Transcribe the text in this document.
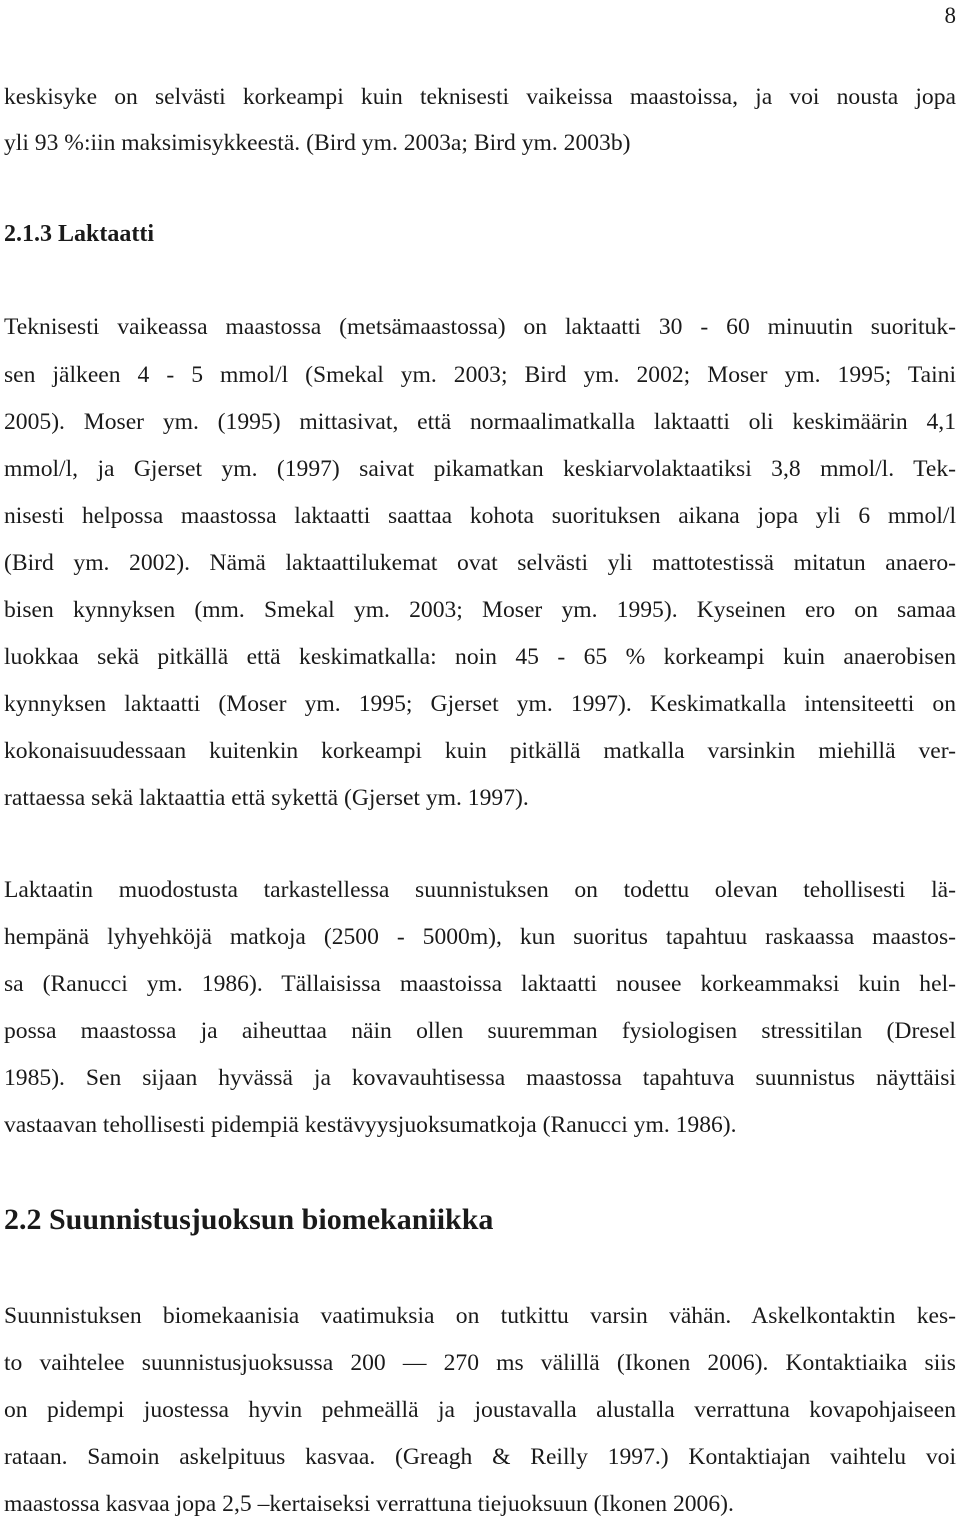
8
keskisyke on selvästi korkeampi kuin teknisesti vaikeissa maastoissa, ja voi nousta jopa
yli 93 %:iin maksimisykkeestä. (Bird ym. 2003a; Bird ym. 2003b)
2.1.3 Laktaatti
Teknisesti vaikeassa maastossa (metsämaastossa) on laktaatti 30 - 60 minuutin suorituk-
sen jälkeen 4 - 5 mmol/l (Smekal ym. 2003; Bird ym. 2002; Moser ym. 1995; Taini
2005). Moser ym. (1995) mittasivat, että normaalimatkalla laktaatti oli keskimäärin 4,1
mmol/l, ja Gjerset ym. (1997) saivat pikamatkan keskiarvolaktaatiksi 3,8 mmol/l. Tek-
nisesti helpossa maastossa laktaatti saattaa kohota suorituksen aikana jopa yli 6 mmol/l
(Bird ym. 2002). Nämä laktaattilukemat ovat selvästi yli mattotestissä mitatun anaero-
bisen kynnyksen (mm. Smekal ym. 2003; Moser ym. 1995). Kyseinen ero on samaa
luokkaa sekä pitkällä että keskimatkalla: noin 45 - 65 % korkeampi kuin anaerobisen
kynnyksen laktaatti (Moser ym. 1995; Gjerset ym. 1997). Keskimatkalla intensiteetti on
kokonaisuudessaan kuitenkin korkeampi kuin pitkällä matkalla varsinkin miehillä ver-
rattaessa sekä laktaattia että sykettä (Gjerset ym. 1997).
Laktaatin muodostusta tarkastellessa suunnistuksen on todettu olevan tehollisesti lä-
hempänä lyhyehköjä matkoja (2500 - 5000m), kun suoritus tapahtuu raskaassa maastos-
sa (Ranucci ym. 1986). Tällaisissa maastoissa laktaatti nousee korkeammaksi kuin hel-
possa maastossa ja aiheuttaa näin ollen suuremman fysiologisen stressitilan (Dresel
1985). Sen sijaan hyvässä ja kovavauhtisessa maastossa tapahtuva suunnistus näyttäisi
vastaavan tehollisesti pidempiä kestävyysjuoksumatkoja (Ranucci ym. 1986).
2.2 Suunnistusjuoksun biomekaniikka
Suunnistuksen biomekaanisia vaatimuksia on tutkittu varsin vähän. Askelkontaktin kes-
to vaihtelee suunnistusjuoksussa 200 — 270 ms välillä (Ikonen 2006). Kontaktiaika siis
on pidempi juostessa hyvin pehmeällä ja joustavalla alustalla verrattuna kovapohjaiseen
rataan. Samoin askelpituus kasvaa. (Greagh & Reilly 1997.) Kontaktiajan vaihtelu voi
maastossa kasvaa jopa 2,5 –kertaiseksi verrattuna tiejuoksuun (Ikonen 2006).
